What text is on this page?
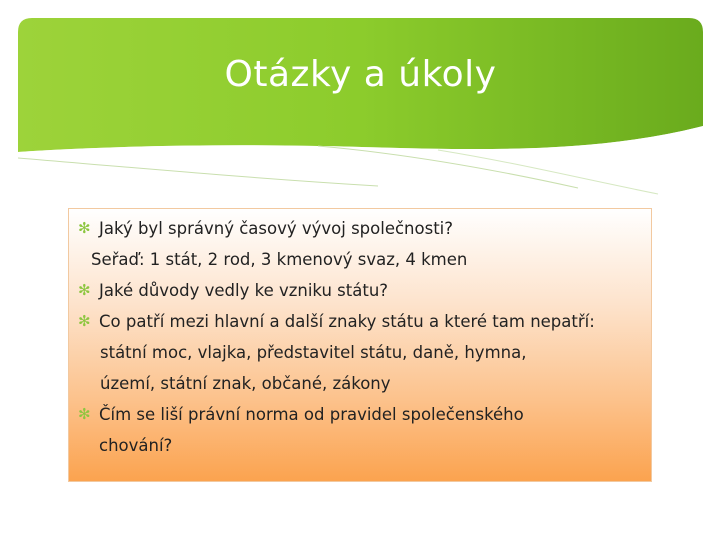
Otázky a úkoly
✻ Jaký byl správný časový vývoj společnosti?
Seřaď: 1 stát, 2 rod, 3 kmenový svaz, 4 kmen
✻ Jaké důvody vedly ke vzniku státu?
✻ Co patří mezi hlavní a další znaky státu a které tam nepatří:
státní moc, vlajka, představitel státu, daně, hymna,
území, státní znak, občané, zákony
✻ Čím se liší právní norma od pravidel společenského
chování?
